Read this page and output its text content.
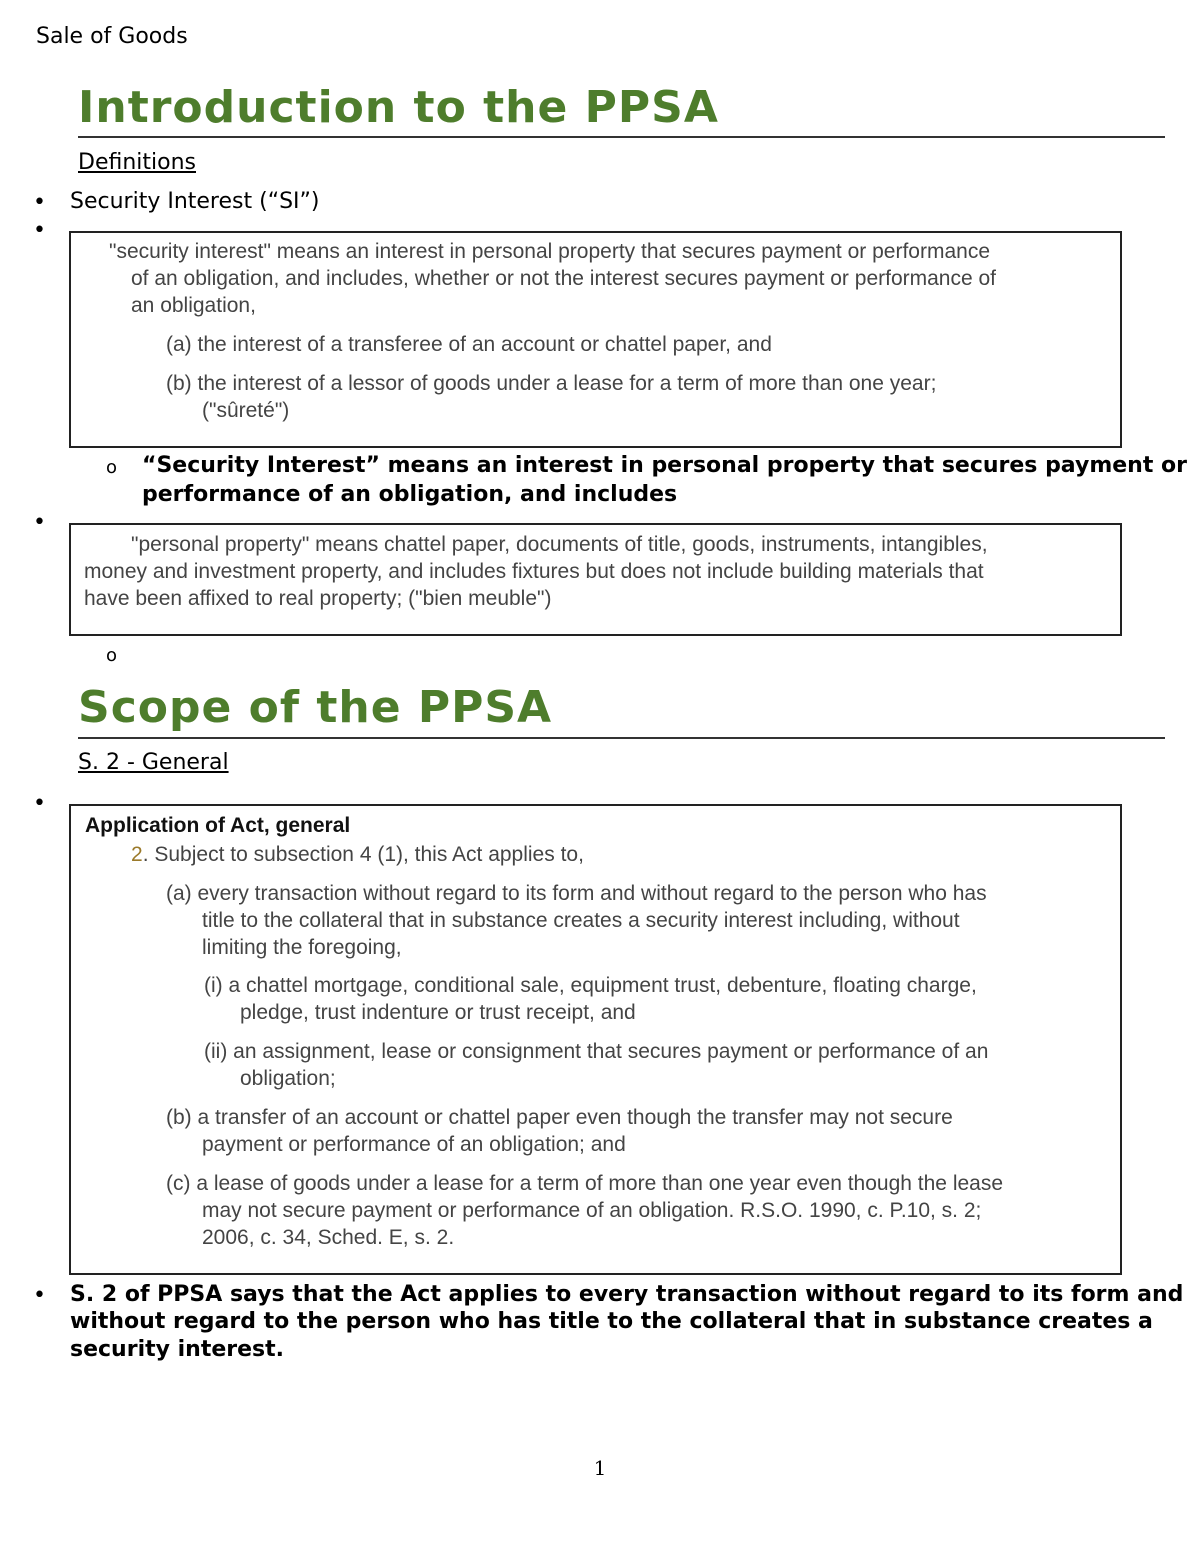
Sale of Goods
Introduction to the PPSA
Definitions
• Security Interest (“SI”)
•
"security interest" means an interest in personal property that secures payment or performance
of an obligation, and includes, whether or not the interest secures payment or performance of
an obligation,
(a) the interest of a transferee of an account or chattel paper, and
(b) the interest of a lessor of goods under a lease for a term of more than one year;
("sûreté")
o “Security Interest” means an interest in personal property that secures payment or
performance of an obligation, and includes
•
"personal property" means chattel paper, documents of title, goods, instruments, intangibles,
money and investment property, and includes fixtures but does not include building materials that
have been affixed to real property; ("bien meuble")
o
Scope of the PPSA
S. 2 - General
•
Application of Act, general
2. Subject to subsection 4 (1), this Act applies to,
(a) every transaction without regard to its form and without regard to the person who has
title to the collateral that in substance creates a security interest including, without
limiting the foregoing,
(i) a chattel mortgage, conditional sale, equipment trust, debenture, floating charge,
pledge, trust indenture or trust receipt, and
(ii) an assignment, lease or consignment that secures payment or performance of an
obligation;
(b) a transfer of an account or chattel paper even though the transfer may not secure
payment or performance of an obligation; and
(c) a lease of goods under a lease for a term of more than one year even though the lease
may not secure payment or performance of an obligation. R.S.O. 1990, c. P.10, s. 2;
2006, c. 34, Sched. E, s. 2.
• S. 2 of PPSA says that the Act applies to every transaction without regard to its form and
without regard to the person who has title to the collateral that in substance creates a
security interest.
1
